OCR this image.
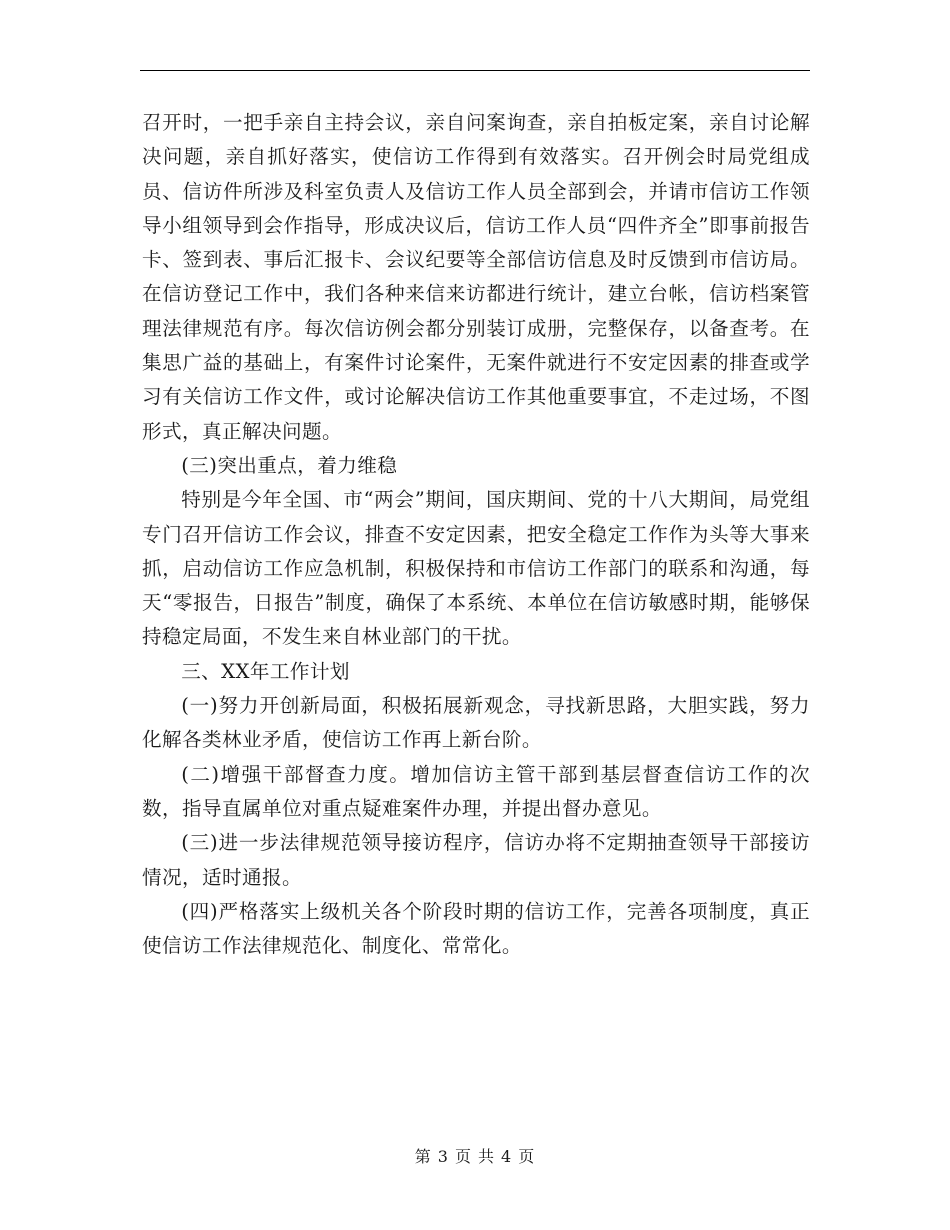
召开时，一把手亲自主持会议，亲自问案询查，亲自拍板定案，亲自讨论解决问题，亲自抓好落实，使信访工作得到有效落实。召开例会时局党组成员、信访件所涉及科室负责人及信访工作人员全部到会，并请市信访工作领导小组领导到会作指导，形成决议后，信访工作人员“四件齐全”即事前报告卡、签到表、事后汇报卡、会议纪要等全部信访信息及时反馈到市信访局。在信访登记工作中，我们各种来信来访都进行统计，建立台帐，信访档案管理法律规范有序。每次信访例会都分别装订成册，完整保存，以备查考。在集思广益的基础上，有案件讨论案件，无案件就进行不安定因素的排查或学习有关信访工作文件，或讨论解决信访工作其他重要事宜，不走过场，不图形式，真正解决问题。

(三)突出重点，着力维稳

特别是今年全国、市“两会”期间，国庆期间、党的十八大期间，局党组专门召开信访工作会议，排查不安定因素，把安全稳定工作作为头等大事来抓，启动信访工作应急机制，积极保持和市信访工作部门的联系和沟通，每天“零报告，日报告”制度，确保了本系统、本单位在信访敏感时期，能够保持稳定局面，不发生来自林业部门的干扰。

三、XX年工作计划

(一)努力开创新局面，积极拓展新观念，寻找新思路，大胆实践，努力化解各类林业矛盾，使信访工作再上新台阶。

(二)增强干部督查力度。增加信访主管干部到基层督查信访工作的次数，指导直属单位对重点疑难案件办理，并提出督办意见。

(三)进一步法律规范领导接访程序，信访办将不定期抽查领导干部接访情况，适时通报。

(四)严格落实上级机关各个阶段时期的信访工作，完善各项制度，真正使信访工作法律规范化、制度化、常常化。

第 3 页 共 4 页
